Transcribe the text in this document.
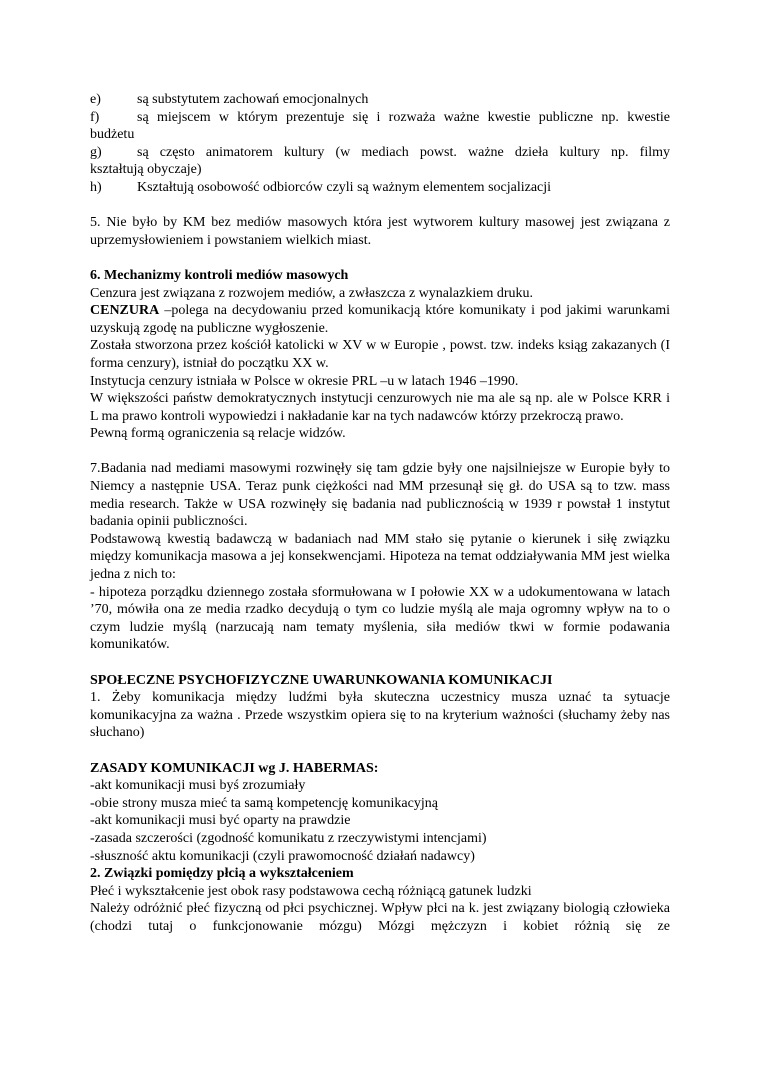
e)	są substytutem zachowań emocjonalnych
f)	są miejscem w którym prezentuje się i rozważa ważne kwestie publiczne np. kwestie

budżetu

g)	są często animatorem kultury (w mediach powst. ważne dzieła kultury np. filmy

kształtują obyczaje)

h)	Kształtują osobowość odbiorców czyli są ważnym elementem socjalizacji

5. Nie było by KM bez mediów masowych która jest wytworem kultury masowej jest związana z uprzemysłowieniem i powstaniem wielkich miast.

6. Mechanizmy kontroli mediów masowych

Cenzura jest związana z rozwojem mediów, a zwłaszcza z wynalazkiem druku.

CENZURA –polega na decydowaniu przed komunikacją które komunikaty i pod jakimi warunkami uzyskują zgodę na publiczne wygłoszenie.

Została stworzona przez kościół katolicki w XV w w Europie , powst. tzw. indeks ksiąg zakazanych (I forma cenzury), istniał do początku XX w.

Instytucja cenzury istniała w Polsce w okresie PRL –u w latach 1946 –1990.

W większości państw demokratycznych instytucji cenzurowych nie ma ale są np. ale w Polsce KRR i L ma prawo kontroli wypowiedzi i nakładanie kar na tych nadawców którzy przekroczą prawo.

Pewną formą ograniczenia są relacje widzów.

7.Badania nad mediami masowymi rozwinęły się tam gdzie były one najsilniejsze w Europie były to Niemcy a następnie USA. Teraz punk ciężkości nad MM przesunął się gł. do USA są to tzw. mass media research. Także w USA rozwinęły się badania nad publicznością w 1939 r powstał 1 instytut badania opinii publiczności.

Podstawową kwestią badawczą w badaniach nad MM stało się pytanie o kierunek i siłę związku między komunikacja masowa a jej konsekwencjami. Hipoteza na temat oddziaływania MM jest wielka jedna z nich to:

- hipoteza porządku dziennego została sformułowana w I połowie XX w a udokumentowana w latach ’70, mówiła ona ze media rzadko decydują o tym co ludzie myślą ale maja ogromny wpływ na to o czym ludzie myślą (narzucają nam tematy myślenia, siła mediów tkwi w formie podawania komunikatów.

SPOŁECZNE PSYCHOFIZYCZNE UWARUNKOWANIA KOMUNIKACJI

1. Żeby komunikacja między ludźmi była skuteczna uczestnicy musza uznać ta sytuacje komunikacyjna za ważna . Przede wszystkim opiera się to na kryterium ważności (słuchamy żeby nas słuchano)

ZASADY KOMUNIKACJI wg J. HABERMAS:

-akt komunikacji musi byś zrozumiały

-obie strony musza mieć ta samą kompetencję komunikacyjną

-akt komunikacji musi być oparty na prawdzie

-zasada szczerości (zgodność komunikatu z rzeczywistymi intencjami)

-słuszność aktu komunikacji (czyli prawomocność działań nadawcy)

2. Związki pomiędzy płcią a wykształceniem

Płeć i wykształcenie jest obok rasy podstawowa cechą różniącą gatunek ludzki

Należy odróżnić płeć fizyczną od płci psychicznej. Wpływ płci na k. jest związany biologią człowieka (chodzi tutaj o funkcjonowanie mózgu) Mózgi mężczyzn i kobiet różnią się ze
